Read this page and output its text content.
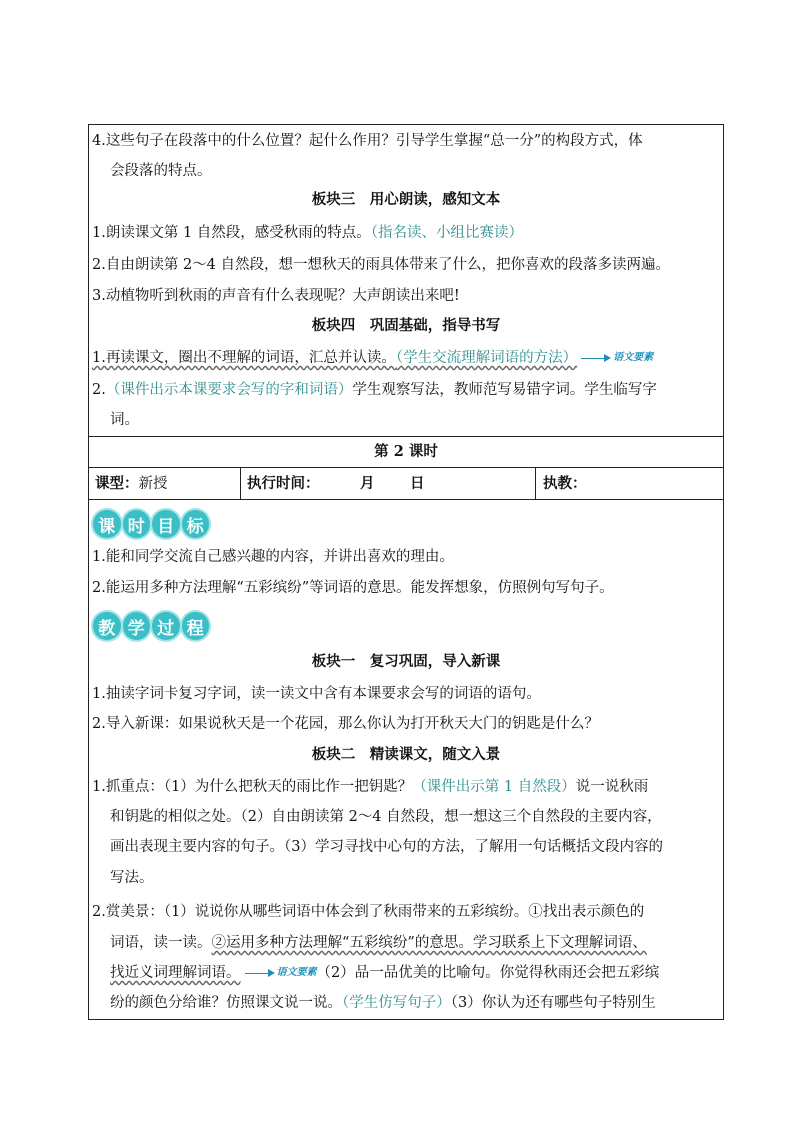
4.这些句子在段落中的什么位置？起什么作用？引导学生掌握“总一分”的构段方式，体
会段落的特点。
板块三　用心朗读，感知文本
1.朗读课文第 1 自然段，感受秋雨的特点。（指名读、小组比赛读）
2.自由朗读第 2～4 自然段，想一想秋天的雨具体带来了什么，把你喜欢的段落多读两遍。
3.动植物听到秋雨的声音有什么表现呢？大声朗读出来吧!
板块四　巩固基础，指导书写
1.再读课文，圈出不理解的词语，汇总并认读。（学生交流理解词语的方法）	语文要素
2.（课件出示本课要求会写的字和词语）学生观察写法，教师范写易错字词。学生临写字
词。
第 2 课时
课型：新授	执行时间：	月 日	执教：
课 时 目 标
1.能和同学交流自己感兴趣的内容，并讲出喜欢的理由。
2.能运用多种方法理解“五彩缤纷”等词语的意思。能发挥想象，仿照例句写句子。
教 学 过 程
板块一　复习巩固，导入新课
1.抽读字词卡复习字词，读一读文中含有本课要求会写的词语的语句。
2.导入新课：如果说秋天是一个花园，那么你认为打开秋天大门的钥匙是什么？
板块二　精读课文，随文入景
1.抓重点：（1）为什么把秋天的雨比作一把钥匙？（课件出示第 1 自然段）说一说秋雨
和钥匙的相似之处。（2）自由朗读第 2～4 自然段，想一想这三个自然段的主要内容，
画出表现主要内容的句子。（3）学习寻找中心句的方法，了解用一句话概括文段内容的
写法。
2.赏美景：（1）说说你从哪些词语中体会到了秋雨带来的五彩缤纷。①找出表示颜色的
词语，读一读。②运用多种方法理解“五彩缤纷”的意思。学习联系上下文理解词语、
找近义词理解词语。	语文要素（2）品一品优美的比喻句。你觉得秋雨还会把五彩缤
纷的颜色分给谁？仿照课文说一说。（学生仿写句子）（3）你认为还有哪些句子特别生
